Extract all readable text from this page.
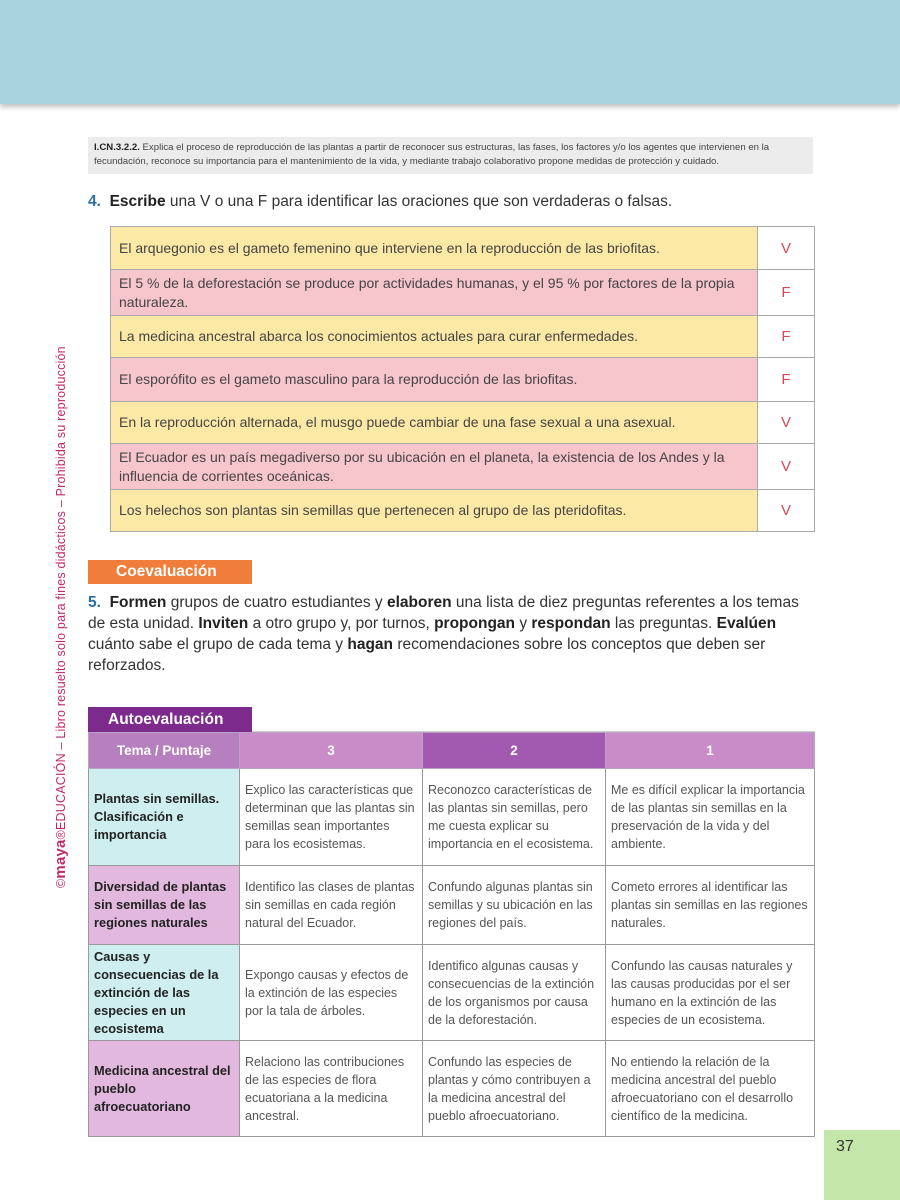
©maya®EDUCACIÓN – Libro resuelto solo para fines didácticos – Prohibida su reproducción
I.CN.3.2.2. Explica el proceso de reproducción de las plantas a partir de reconocer sus estructuras, las fases, los factores y/o los agentes que intervienen en la fecundación, reconoce su importancia para el mantenimiento de la vida, y mediante trabajo colaborativo propone medidas de protección y cuidado.
4. Escribe una V o una F para identificar las oraciones que son verdaderas o falsas.
El arquegonio es el gameto femenino que interviene en la reproducción de las briofitas.	V
El 5 % de la deforestación se produce por actividades humanas, y el 95 % por factores de la propia naturaleza.	F
La medicina ancestral abarca los conocimientos actuales para curar enfermedades.	F
El esporófito es el gameto masculino para la reproducción de las briofitas.	F
En la reproducción alternada, el musgo puede cambiar de una fase sexual a una asexual.	V
El Ecuador es un país megadiverso por su ubicación en el planeta, la existencia de los Andes y la influencia de corrientes oceánicas.	V
Los helechos son plantas sin semillas que pertenecen al grupo de las pteridofitas.	V
Coevaluación
5. Formen grupos de cuatro estudiantes y elaboren una lista de diez preguntas referentes a los temas de esta unidad. Inviten a otro grupo y, por turnos, propongan y respondan las preguntas. Evalúen cuánto sabe el grupo de cada tema y hagan recomendaciones sobre los conceptos que deben ser reforzados.
Autoevaluación
Tema / Puntaje	3	2	1
Plantas sin semillas. Clasificación e importancia	Explico las características que determinan que las plantas sin semillas sean importantes para los ecosistemas.	Reconozco características de las plantas sin semillas, pero me cuesta explicar su importancia en el ecosistema.	Me es difícil explicar la importancia de las plantas sin semillas en la preservación de la vida y del ambiente.
Diversidad de plantas sin semillas de las regiones naturales	Identifico las clases de plantas sin semillas en cada región natural del Ecuador.	Confundo algunas plantas sin semillas y su ubicación en las regiones del país.	Cometo errores al identificar las plantas sin semillas en las regiones naturales.
Causas y consecuencias de la extinción de las especies en un ecosistema	Expongo causas y efectos de la extinción de las especies por la tala de árboles.	Identifico algunas causas y consecuencias de la extinción de los organismos por causa de la deforestación.	Confundo las causas naturales y las causas producidas por el ser humano en la extinción de las especies de un ecosistema.
Medicina ancestral del pueblo afroecuatoriano	Relaciono las contribuciones de las especies de flora ecuatoriana a la medicina ancestral.	Confundo las especies de plantas y cómo contribuyen a la medicina ancestral del pueblo afroecuatoriano.	No entiendo la relación de la medicina ancestral del pueblo afroecuatoriano con el desarrollo científico de la medicina.
37
